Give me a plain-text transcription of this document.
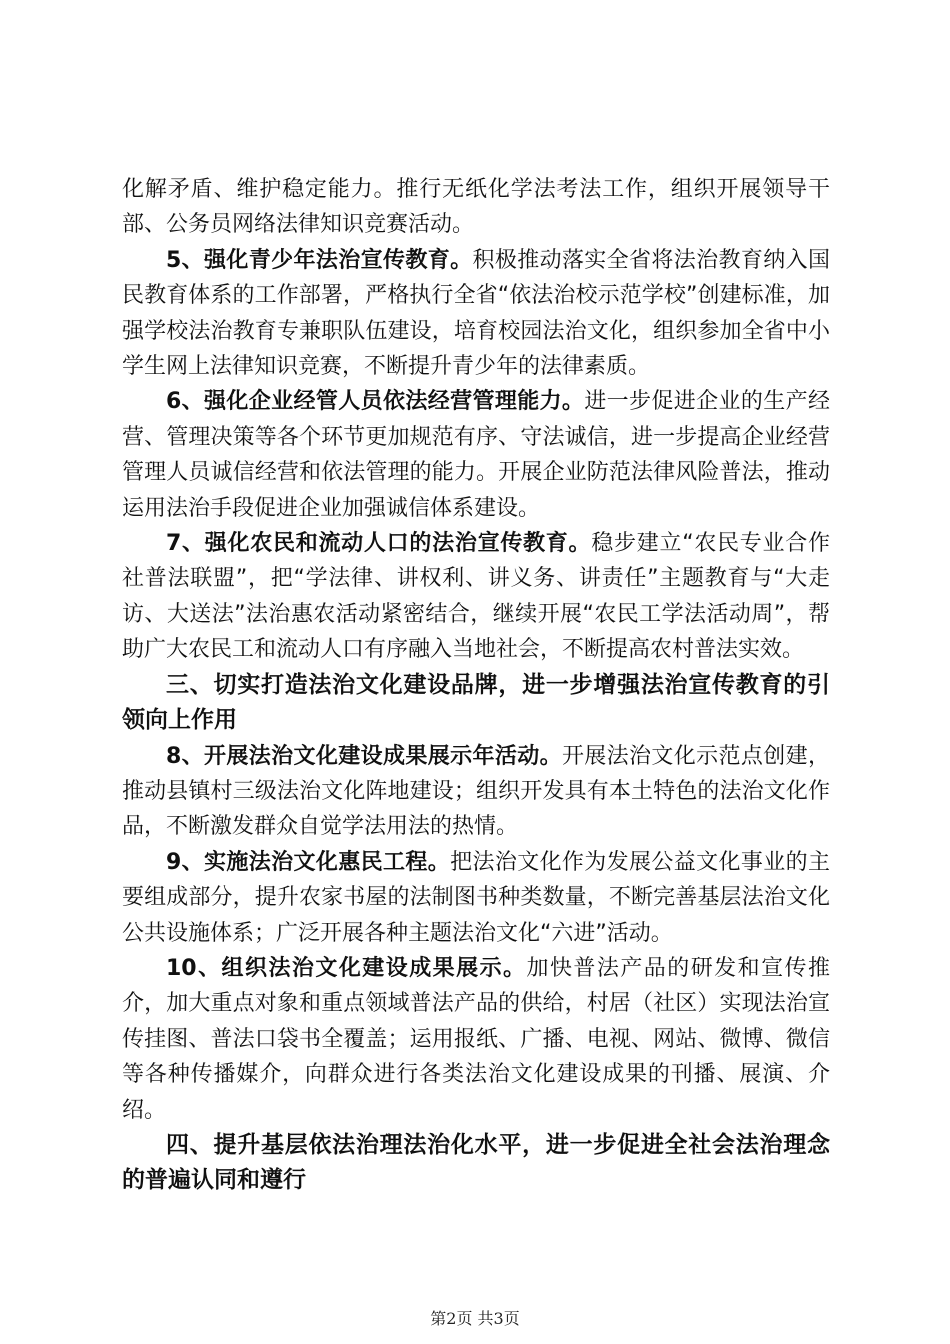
化解矛盾、维护稳定能力。推行无纸化学法考法工作，组织开展领导干部、公务员网络法律知识竞赛活动。

5、强化青少年法治宣传教育。积极推动落实全省将法治教育纳入国民教育体系的工作部署，严格执行全省“依法治校示范学校”创建标准，加强学校法治教育专兼职队伍建设，培育校园法治文化，组织参加全省中小学生网上法律知识竞赛，不断提升青少年的法律素质。

6、强化企业经管人员依法经营管理能力。进一步促进企业的生产经营、管理决策等各个环节更加规范有序、守法诚信，进一步提高企业经营管理人员诚信经营和依法管理的能力。开展企业防范法律风险普法，推动运用法治手段促进企业加强诚信体系建设。

7、强化农民和流动人口的法治宣传教育。稳步建立“农民专业合作社普法联盟”，把“学法律、讲权利、讲义务、讲责任”主题教育与“大走访、大送法”法治惠农活动紧密结合，继续开展“农民工学法活动周”，帮助广大农民工和流动人口有序融入当地社会，不断提高农村普法实效。

三、切实打造法治文化建设品牌，进一步增强法治宣传教育的引领向上作用

8、开展法治文化建设成果展示年活动。开展法治文化示范点创建，推动县镇村三级法治文化阵地建设；组织开发具有本土特色的法治文化作品，不断激发群众自觉学法用法的热情。

9、实施法治文化惠民工程。把法治文化作为发展公益文化事业的主要组成部分，提升农家书屋的法制图书种类数量，不断完善基层法治文化公共设施体系；广泛开展各种主题法治文化“六进”活动。

10、组织法治文化建设成果展示。加快普法产品的研发和宣传推介，加大重点对象和重点领域普法产品的供给，村居（社区）实现法治宣传挂图、普法口袋书全覆盖；运用报纸、广播、电视、网站、微博、微信等各种传播媒介，向群众进行各类法治文化建设成果的刊播、展演、介绍。

四、提升基层依法治理法治化水平，进一步促进全社会法治理念的普遍认同和遵行

第2页 共3页
